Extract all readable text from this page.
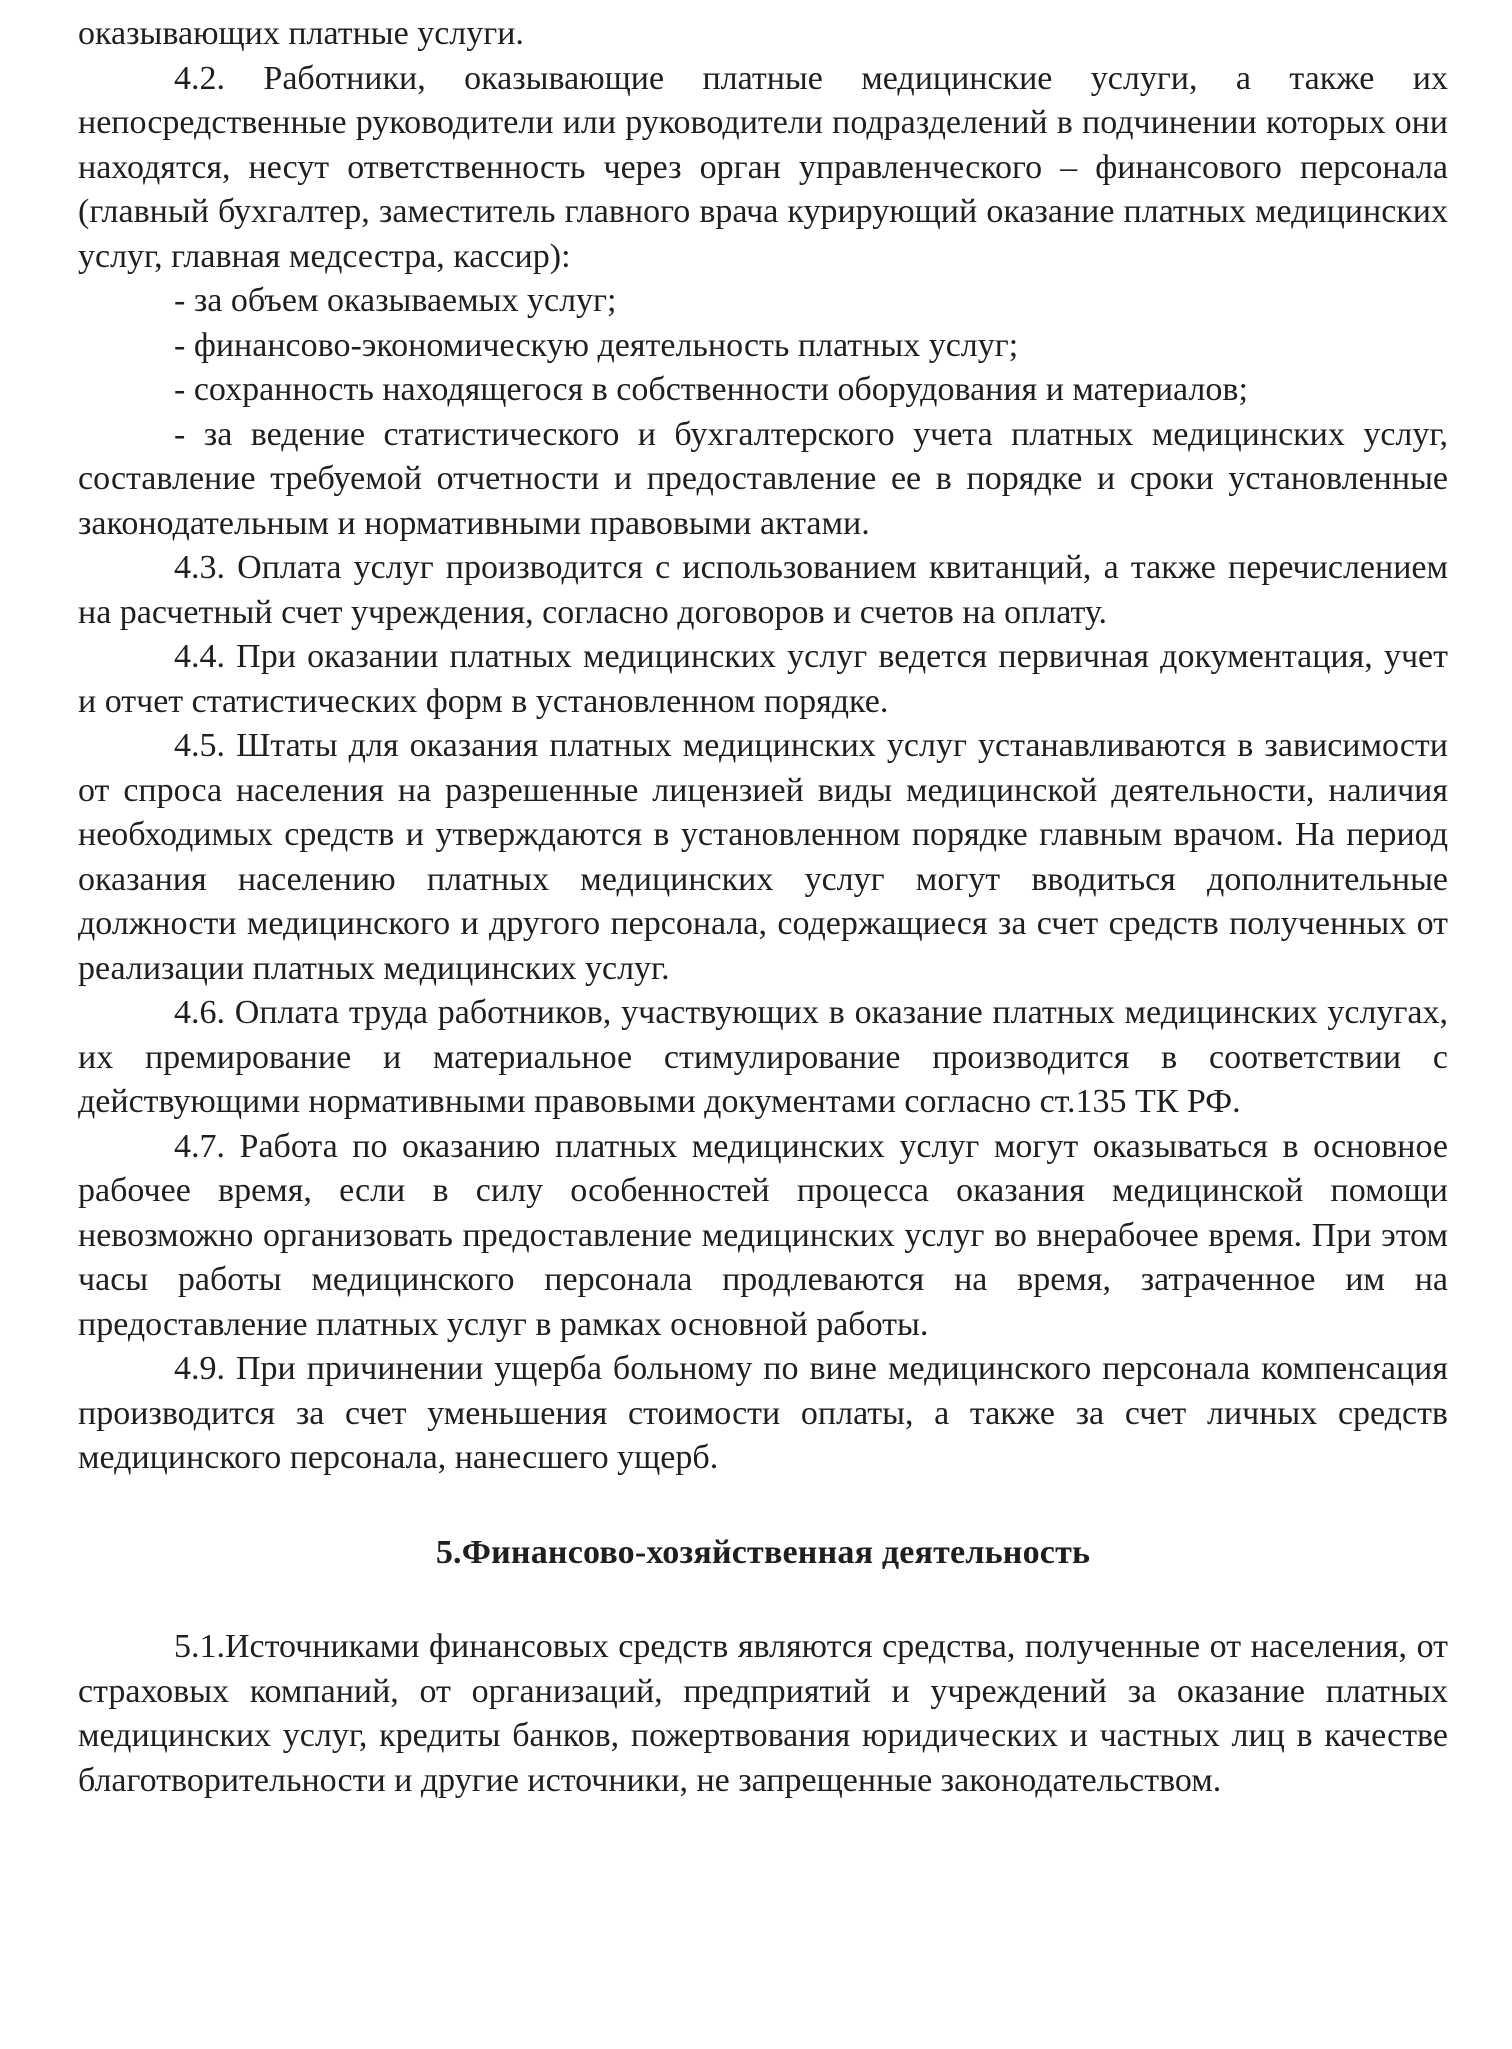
оказывающих платные услуги.

4.2. Работники, оказывающие платные медицинские услуги, а также их непосредственные руководители или руководители подразделений в подчинении которых они находятся, несут ответственность через орган управленческого – финансового персонала (главный бухгалтер, заместитель главного врача курирующий оказание платных медицинских услуг, главная медсестра, кассир):

- за объем оказываемых услуг;

- финансово-экономическую деятельность платных услуг;

- сохранность находящегося в собственности оборудования и материалов;

- за ведение статистического и бухгалтерского учета платных медицинских услуг, составление требуемой отчетности и предоставление ее в порядке и сроки установленные законодательным и нормативными правовыми актами.

4.3. Оплата услуг производится с использованием квитанций, а также перечислением на расчетный счет учреждения, согласно договоров и счетов на оплату.

4.4. При оказании платных медицинских услуг ведется первичная документация, учет и отчет статистических форм в установленном порядке.

4.5. Штаты для оказания платных медицинских услуг устанавливаются в зависимости от спроса населения на разрешенные лицензией виды медицинской деятельности, наличия необходимых средств и утверждаются в установленном порядке главным врачом. На период оказания населению платных медицинских услуг могут вводиться дополнительные должности медицинского и другого персонала, содержащиеся за счет средств полученных от реализации платных медицинских услуг.

4.6. Оплата труда работников, участвующих в оказание платных медицинских услугах, их премирование и материальное стимулирование производится в соответствии с действующими нормативными правовыми документами согласно ст.135 ТК РФ.

4.7. Работа по оказанию платных медицинских услуг могут оказываться в основное рабочее время, если в силу особенностей процесса оказания медицинской помощи невозможно организовать предоставление медицинских услуг во внерабочее время. При этом часы работы медицинского персонала продлеваются на время, затраченное им на предоставление платных услуг в рамках основной работы.

4.9. При причинении ущерба больному по вине медицинского персонала компенсация производится за счет уменьшения стоимости оплаты, а также за счет личных средств медицинского персонала, нанесшего ущерб.

5.Финансово-хозяйственная деятельность

5.1.Источниками финансовых средств являются средства, полученные от населения, от страховых компаний, от организаций, предприятий и учреждений за оказание платных медицинских услуг, кредиты банков, пожертвования юридических и частных лиц в качестве благотворительности и другие источники, не запрещенные законодательством.
